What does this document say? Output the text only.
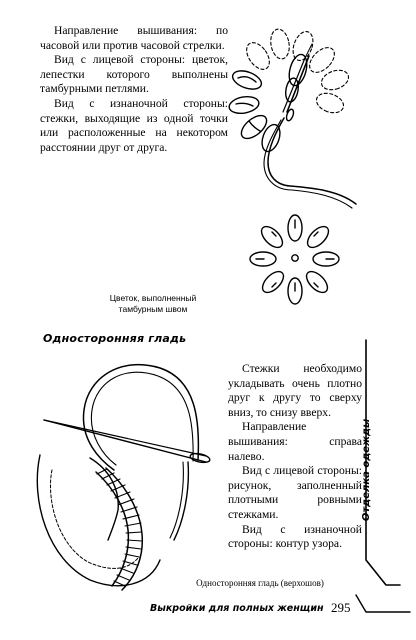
Направление вышивания: по часовой или против часовой стрелки.

Вид с лицевой стороны: цветок, лепестки которого выполнены тамбурными петлями.

Вид с изнаночной стороны: стежки, выходящие из одной точки или расположенные на некотором расстоянии друг от друга.

Цветок, выполненный
тамбурным швом
Односторонняя гладь

Стежки необходимо укладывать очень плотно друг к другу то сверху вниз, то снизу вверх.

Направление вышивания: справа налево.

Вид с лицевой стороны: рисунок, заполненный плотными ровными стежками.

Вид с изнаночной стороны: контур узора.

Односторонняя гладь (верхошов)
Отделка одежды
Выкройки для полных женщин 295
